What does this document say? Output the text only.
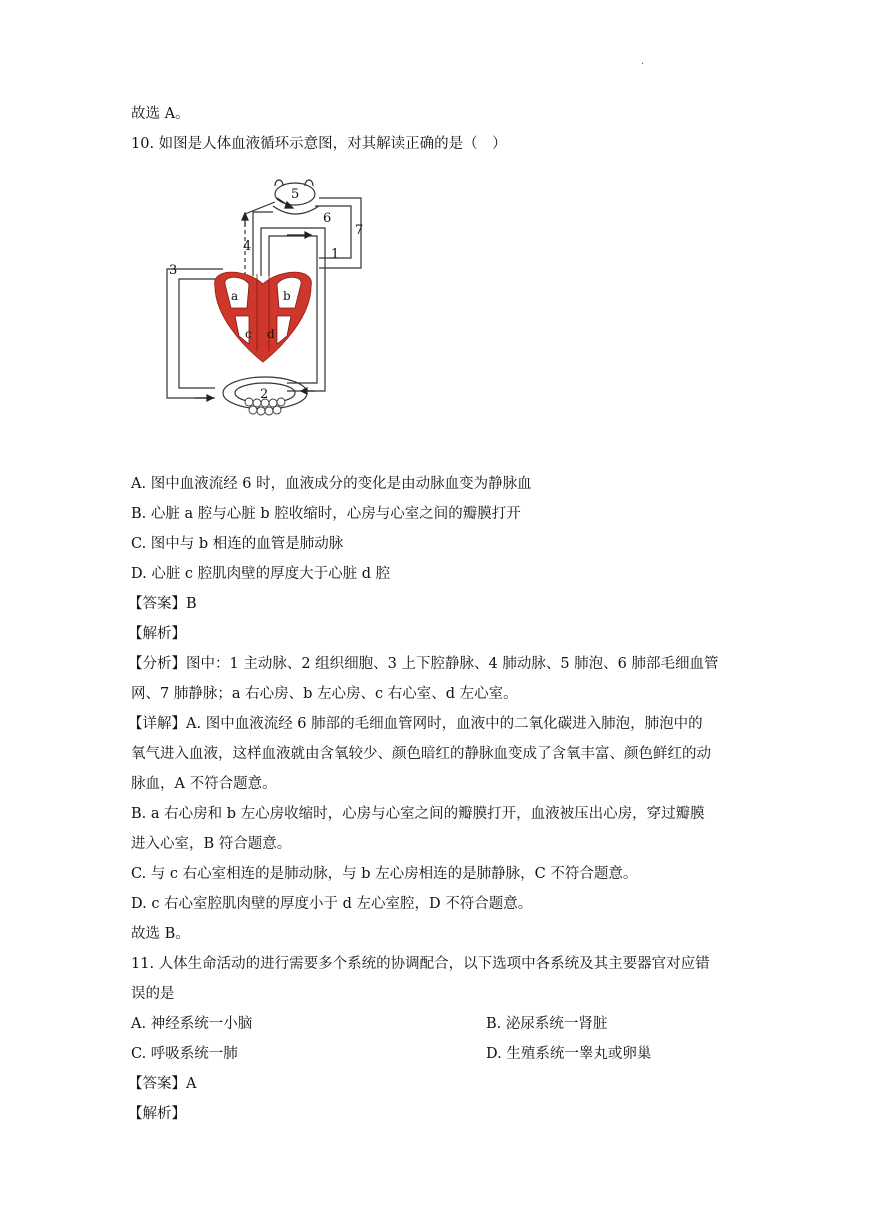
.
故选 A。
10. 如图是人体血液循环示意图，对其解读正确的是（　）
5
6
7
4
1
3
2
a	b
c d
A. 图中血液流经 6 时，血液成分的变化是由动脉血变为静脉血
B. 心脏 a 腔与心脏 b 腔收缩时，心房与心室之间的瓣膜打开
C. 图中与 b 相连的血管是肺动脉
D. 心脏 c 腔肌肉壁的厚度大于心脏 d 腔
【答案】B
【解析】
【分析】图中：1 主动脉、2 组织细胞、3 上下腔静脉、4 肺动脉、5 肺泡、6 肺部毛细血管
网、7 肺静脉；a 右心房、b 左心房、c 右心室、d 左心室。
【详解】A. 图中血液流经 6 肺部的毛细血管网时，血液中的二氧化碳进入肺泡，肺泡中的
氧气进入血液，这样血液就由含氧较少、颜色暗红的静脉血变成了含氧丰富、颜色鲜红的动
脉血，A 不符合题意。
B. a 右心房和 b 左心房收缩时，心房与心室之间的瓣膜打开，血液被压出心房，穿过瓣膜
进入心室，B 符合题意。
C. 与 c 右心室相连的是肺动脉，与 b 左心房相连的是肺静脉，C 不符合题意。
D. c 右心室腔肌肉壁的厚度小于 d 左心室腔，D 不符合题意。
故选 B。
11. 人体生命活动的进行需要多个系统的协调配合，以下选项中各系统及其主要器官对应错
误的是
A. 神经系统一小脑	B. 泌尿系统一肾脏
C. 呼吸系统一肺	D. 生殖系统一睾丸或卵巢
【答案】A
【解析】
